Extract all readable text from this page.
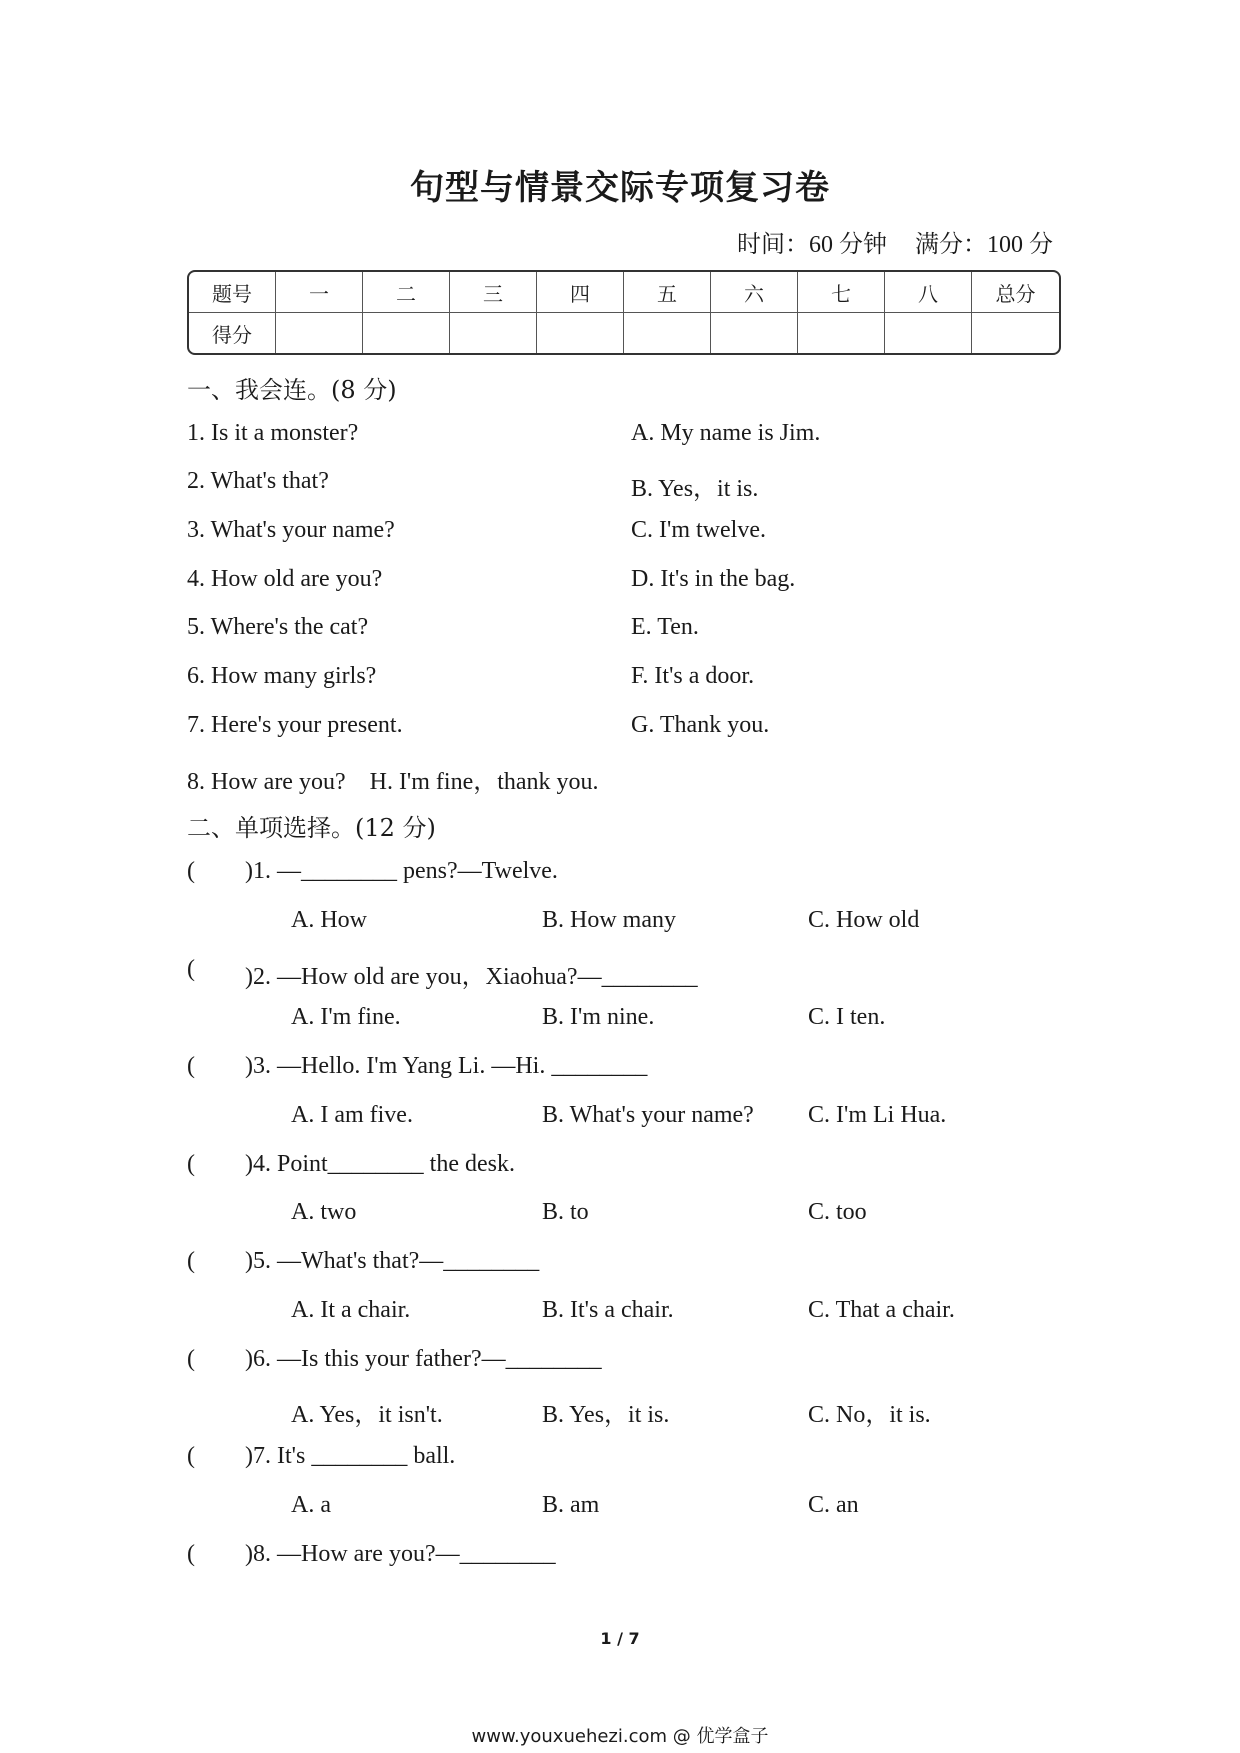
句型与情景交际专项复习卷
时间：60 分钟 满分：100 分
题号	一	二	三	四	五	六	七	八	总分
得分									
一、我会连。(8 分)
1. Is it a monster?	A. My name is Jim.
2. What's that?	B. Yes，it is.
3. What's your name?	C. I'm twelve.
4. How old are you?	D. It's in the bag.
5. Where's the cat?	E. Ten.
6. How many girls?	F. It's a door.
7. Here's your present.	G. Thank you.
8. How are you?　H. I'm fine，thank you.
二、单项选择。(12 分)
( )1. —________ pens?—Twelve.
A. How	B. How many	C. How old
( )2. —How old are you，Xiaohua?—________
A. I'm fine.	B. I'm nine.	C. I ten.
( )3. —Hello. I'm Yang Li. —Hi. ________
A. I am five.	B. What's your name? C. I'm Li Hua.
( )4. Point________ the desk.
A. two	B. to	C. too
( )5. —What's that?—________
A. It a chair.	B. It's a chair.	C. That a chair.
( )6. —Is this your father?—________
A. Yes，it isn't.	B. Yes，it is.	C. No，it is.
( )7. It's ________ ball.
A. a	B. am	C. an
( )8. —How are you?—________
1 / 7
www.youxuehezi.com @ 优学盒子
